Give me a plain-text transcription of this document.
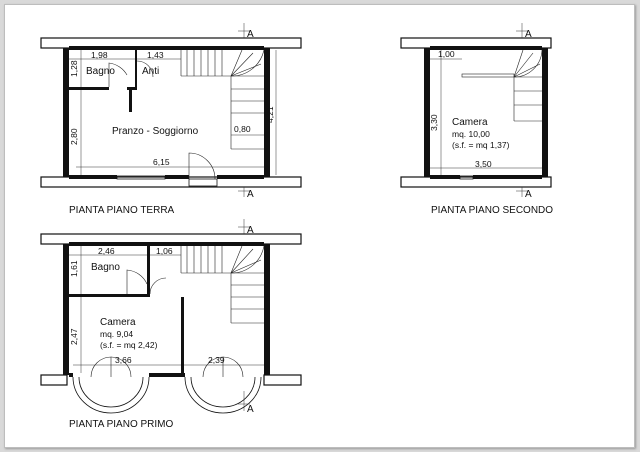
A
A
1,98	1,43
1,28
2,80	0,80
4,21
6,15
Bagno	Anti
Pranzo - Soggiorno
PIANTA PIANO TERRA
A
A
1,00
3,30
3,50
Camera
mq. 10,00
(s.f. = mq 1,37)
PIANTA PIANO SECONDO
A
A
2,46	1,06
1,61
2,47
3,66	2,39
Bagno
Camera
mq. 9,04
(s.f. = mq 2,42)
PIANTA PIANO PRIMO
